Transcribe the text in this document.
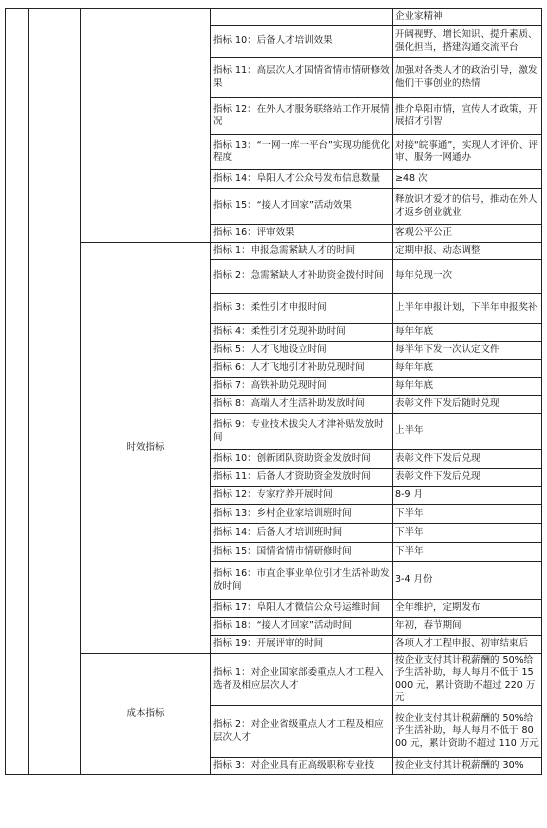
				企业家精神
			指标 10：后备人才培训效果	开阔视野、增长知识、提升素质、强化担当，搭建沟通交流平台
			指标 11：高层次人才国情省情市情研修效果	加强对各类人才的政治引导，激发他们干事创业的热情
			指标 12：在外人才服务联络站工作开展情况	推介阜阳市情，宣传人才政策，开展招才引智
			指标 13：“一网一库一平台”实现功能优化程度	对接“皖事通”，实现人才评价、评审、服务一网通办
			指标 14：阜阳人才公众号发布信息数量	≥48 次
			指标 15：“接人才回家”活动效果	释放识才爱才的信号，推动在外人才返乡创业就业
			指标 16：评审效果	客观公平公正
		时效指标	指标 1：申报急需紧缺人才的时间	定期申报、动态调整
			指标 2：急需紧缺人才补助资金拨付时间	每年兑现一次
			指标 3：柔性引才申报时间	上半年申报计划，下半年申报奖补
			指标 4：柔性引才兑现补助时间	每年年底
			指标 5：人才飞地设立时间	每半年下发一次认定文件
			指标 6：人才飞地引才补助兑现时间	每年年底
			指标 7：高铁补助兑现时间	每年年底
			指标 8：高端人才生活补助发放时间	表彰文件下发后随时兑现
			指标 9：专业技术拔尖人才津补贴发放时间	上半年
			指标 10：创新团队资助资金发放时间	表彰文件下发后兑现
			指标 11：后备人才资助资金发放时间	表彰文件下发后兑现
			指标 12：专家疗养开展时间	8-9 月
			指标 13：乡村企业家培训班时间	下半年
			指标 14：后备人才培训班时间	下半年
			指标 15：国情省情市情研修时间	下半年
			指标 16：市直企事业单位引才生活补助发放时间	3-4 月份
			指标 17：阜阳人才微信公众号运维时间	全年维护，定期发布
			指标 18：“接人才回家”活动时间	年初，春节期间
			指标 19：开展评审的时间	各项人才工程申报、初审结束后
		成本指标	指标 1：对企业国家部委重点人才工程入选者及相应层次人才	按企业支付其计税薪酬的 50%给予生活补助，每人每月不低于 15000 元，累计资助不超过 220 万元
			指标 2：对企业省级重点人才工程及相应层次人才	按企业支付其计税薪酬的 50%给予生活补助，每人每月不低于 8000 元，累计资助不超过 110 万元
			指标 3：对企业具有正高级职称专业技	按企业支付其计税薪酬的 30%
